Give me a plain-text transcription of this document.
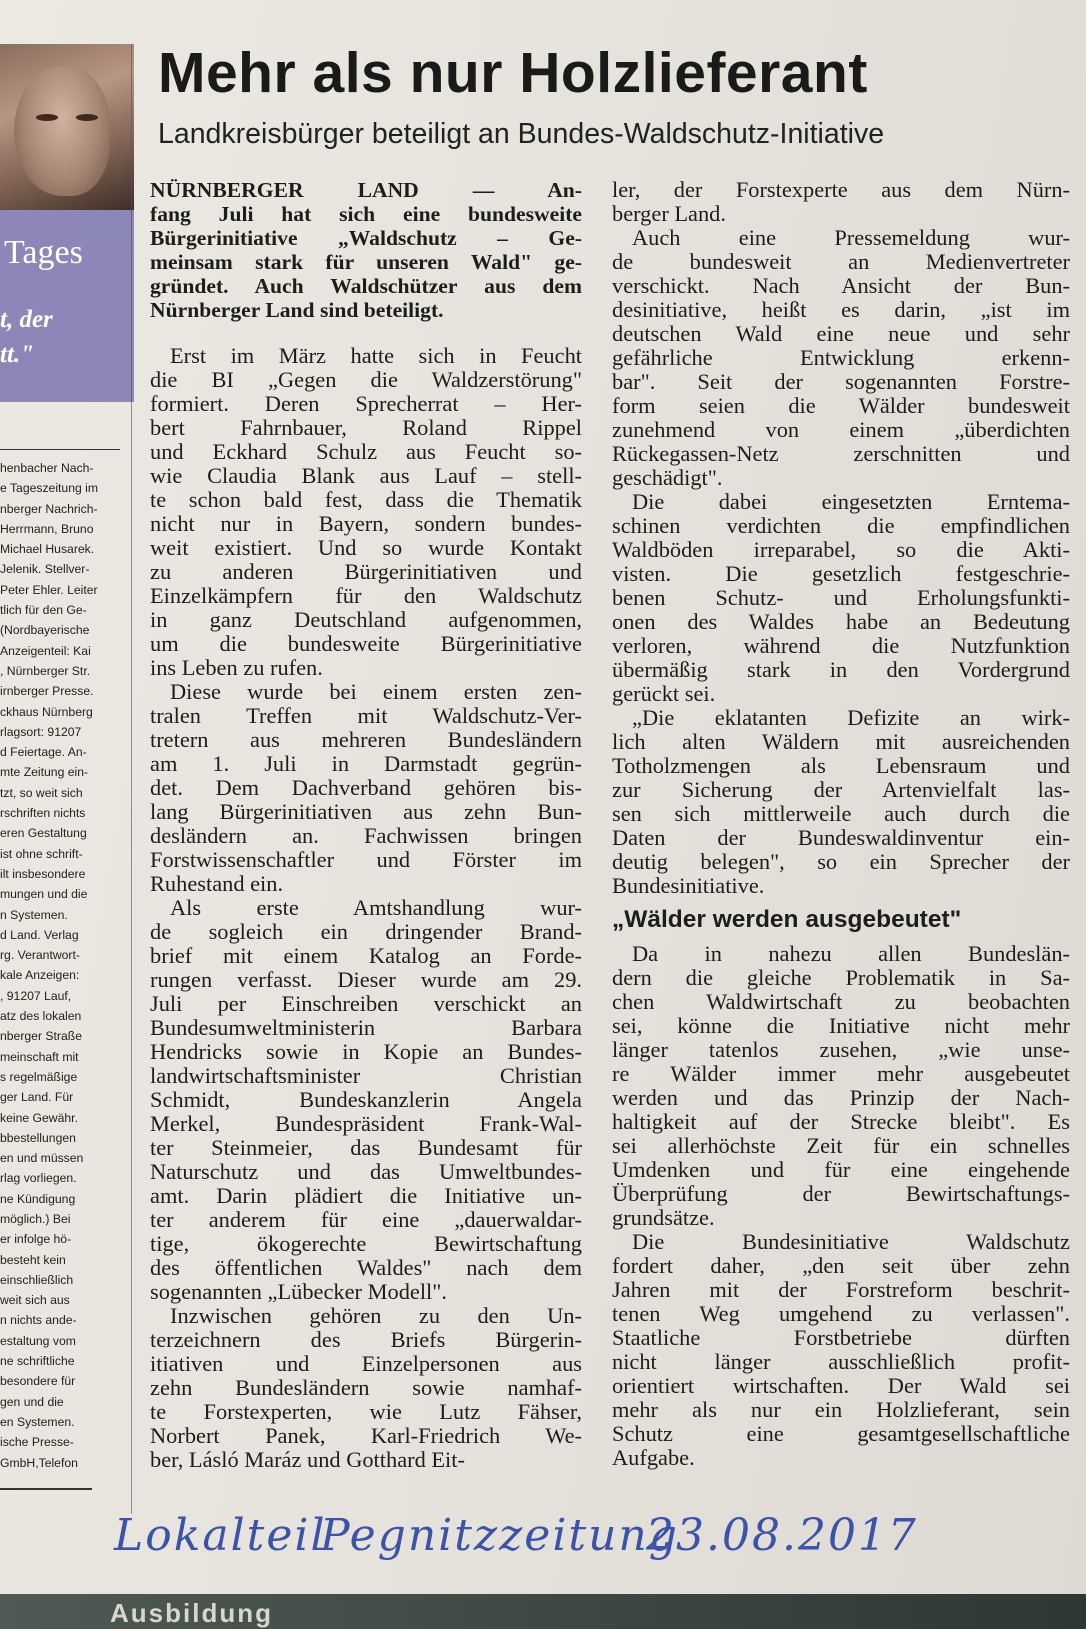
Tages
t, der
tt."
henbacher Nach-
e Tageszeitung im
nberger Nachrich-
Herrmann, Bruno
Michael Husarek.
Jelenik. Stellver-
Peter Ehler. Leiter
tlich für den Ge-
(Nordbayerische
Anzeigenteil: Kai
, Nürnberger Str.
irnberger Presse.
ckhaus Nürnberg
rlagsort: 91207
d Feiertage. An-
mte Zeitung ein-
tzt, so weit sich
rschriften nichts
eren Gestaltung
ist ohne schrift-
ilt insbesondere
mungen und die
n Systemen.
d Land. Verlag
rg. Verantwort-
kale Anzeigen:
, 91207 Lauf,
atz des lokalen
nberger Straße
meinschaft mit
s regelmäßige
ger Land. Für
keine Gewähr.
bbestellungen
en und müssen
rlag vorliegen.
ne Kündigung
möglich.) Bei
er infolge hö-
besteht kein
einschließlich
weit sich aus
n nichts ande-
estaltung vom
ne schriftliche
besondere für
gen und die
en Systemen.
ische Presse-
GmbH,Telefon
Mehr als nur Holzlieferant
Landkreisbürger beteiligt an Bundes-Waldschutz-Initiative
NÜRNBERGER LAND — An-
fang Juli hat sich eine bundesweite
Bürgerinitiative „Waldschutz – Ge-
meinsam stark für unseren Wald" ge-
gründet. Auch Waldschützer aus dem
Nürnberger Land sind beteiligt.
Erst im März hatte sich in Feucht
die BI „Gegen die Waldzerstörung"
formiert. Deren Sprecherrat – Her-
bert Fahrnbauer, Roland Rippel
und Eckhard Schulz aus Feucht so-
wie Claudia Blank aus Lauf – stell-
te schon bald fest, dass die Thematik
nicht nur in Bayern, sondern bundes-
weit existiert. Und so wurde Kontakt
zu anderen Bürgerinitiativen und
Einzelkämpfern für den Waldschutz
in ganz Deutschland aufgenommen,
um die bundesweite Bürgerinitiative
ins Leben zu rufen.
Diese wurde bei einem ersten zen-
tralen Treffen mit Waldschutz-Ver-
tretern aus mehreren Bundesländern
am 1. Juli in Darmstadt gegrün-
det. Dem Dachverband gehören bis-
lang Bürgerinitiativen aus zehn Bun-
desländern an. Fachwissen bringen
Forstwissenschaftler und Förster im
Ruhestand ein.
Als erste Amtshandlung wur-
de sogleich ein dringender Brand-
brief mit einem Katalog an Forde-
rungen verfasst. Dieser wurde am 29.
Juli per Einschreiben verschickt an
Bundesumweltministerin Barbara
Hendricks sowie in Kopie an Bundes-
landwirtschaftsminister Christian
Schmidt, Bundeskanzlerin Angela
Merkel, Bundespräsident Frank-Wal-
ter Steinmeier, das Bundesamt für
Naturschutz und das Umweltbundes-
amt. Darin plädiert die Initiative un-
ter anderem für eine „dauerwaldar-
tige, ökogerechte Bewirtschaftung
des öffentlichen Waldes" nach dem
sogenannten „Lübecker Modell".
Inzwischen gehören zu den Un-
terzeichnern des Briefs Bürgerin-
itiativen und Einzelpersonen aus
zehn Bundesländern sowie namhaf-
te Forstexperten, wie Lutz Fähser,
Norbert Panek, Karl-Friedrich We-
ber, Lásló Maráz und Gotthard Eit-
ler, der Forstexperte aus dem Nürn-
berger Land.
Auch eine Pressemeldung wur-
de bundesweit an Medienvertreter
verschickt. Nach Ansicht der Bun-
desinitiative, heißt es darin, „ist im
deutschen Wald eine neue und sehr
gefährliche Entwicklung erkenn-
bar". Seit der sogenannten Forstre-
form seien die Wälder bundesweit
zunehmend von einem „überdichten
Rückegassen-Netz zerschnitten und
geschädigt".
Die dabei eingesetzten Erntema-
schinen verdichten die empfindlichen
Waldböden irreparabel, so die Akti-
visten. Die gesetzlich festgeschrie-
benen Schutz- und Erholungsfunkti-
onen des Waldes habe an Bedeutung
verloren, während die Nutzfunktion
übermäßig stark in den Vordergrund
gerückt sei.
„Die eklatanten Defizite an wirk-
lich alten Wäldern mit ausreichenden
Totholzmengen als Lebensraum und
zur Sicherung der Artenvielfalt las-
sen sich mittlerweile auch durch die
Daten der Bundeswaldinventur ein-
deutig belegen", so ein Sprecher der
Bundesinitiative.
„Wälder werden ausgebeutet"
Da in nahezu allen Bundeslän-
dern die gleiche Problematik in Sa-
chen Waldwirtschaft zu beobachten
sei, könne die Initiative nicht mehr
länger tatenlos zusehen, „wie unse-
re Wälder immer mehr ausgebeutet
werden und das Prinzip der Nach-
haltigkeit auf der Strecke bleibt". Es
sei allerhöchste Zeit für ein schnelles
Umdenken und für eine eingehende
Überprüfung der Bewirtschaftungs-
grundsätze.
Die Bundesinitiative Waldschutz
fordert daher, „den seit über zehn
Jahren mit der Forstreform beschrit-
tenen Weg umgehend zu verlassen".
Staatliche Forstbetriebe dürften
nicht länger ausschließlich profit-
orientiert wirtschaften. Der Wald sei
mehr als nur ein Holzlieferant, sein
Schutz eine gesamtgesellschaftliche
Aufgabe.
Lokalteil
Pegnitzzeitung
23.08.2017
Ausbildung
